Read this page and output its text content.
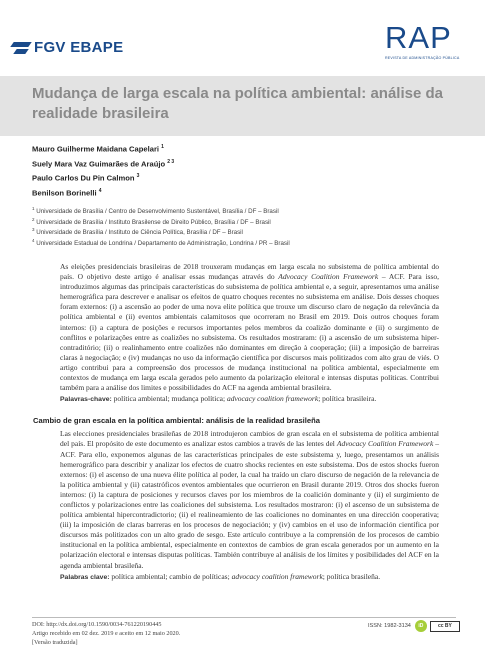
FGV EBAPE	RAP
REVISTA DE ADMINISTRAÇÃO PÚBLICA
Mudança de larga escala na política ambiental: análise da realidade brasileira
Mauro Guilherme Maidana Capelari $^1$
Suely Mara Vaz Guimarães de Araújo $^{2 3}$
Paulo Carlos Du Pin Calmon $^3$
Benilson Borinelli $^4$
$^1$ Universidade de Brasília / Centro de Desenvolvimento Sustentável, Brasília / DF – Brasil
$^2$ Universidade de Brasília / Instituto Brasilense de Direito Público, Brasília / DF – Brasil
$^3$ Universidade de Brasília / Instituto de Ciência Política, Brasília / DF – Brasil
$^4$ Universidade Estadual de Londrina / Departamento de Administração, Londrina / PR – Brasil

As eleições presidenciais brasileiras de 2018 trouxeram mudanças em larga escala no subsistema de política ambiental do país. O objetivo deste artigo é analisar essas mudanças através do Advocacy Coalition Framework – ACF. Para isso, introduzimos algumas das principais características do subsistema de política ambiental e, a seguir, apresentamos uma análise hemerográfica para descrever e analisar os efeitos de quatro choques recentes no subsistema em análise. Dois desses choques foram externos: (i) a ascensão ao poder de uma nova elite política que trouxe um discurso claro de negação da relevância da política ambiental e (ii) eventos ambientais calamitosos que ocorreram no Brasil em 2019. Dois outros choques foram internos: (i) a captura de posições e recursos importantes pelos membros da coalizão dominante e (ii) o surgimento de conflitos e polarizações entre as coalizões no subsistema. Os resultados mostraram: (i) a ascensão de um subsistema hiper-contraditório; (ii) o realinhamento entre coalizões não dominantes em direção à cooperação; (iii) a imposição de barreiras claras à negociação; e (iv) mudanças no uso da informação científica por discursos mais politizados com alto grau de viés. O artigo contribui para a compreensão dos processos de mudança institucional na política ambiental, especialmente em contextos de mudança em larga escala gerados pelo aumento da polarização eleitoral e intensas disputas políticas. Contribui também para a análise dos limites e possibilidades do ACF na agenda ambiental brasileira.

Palavras-chave: política ambiental; mudança política; advocacy coalition framework; política brasileira.

Cambio de gran escala en la política ambiental: análisis de la realidad brasileña

Las elecciones presidenciales brasileñas de 2018 introdujeron cambios de gran escala en el subsistema de política ambiental del país. El propósito de este documento es analizar estos cambios a través de las lentes del Advocacy Coalition Framework – ACF. Para ello, exponemos algunas de las características principales de este subsistema y, luego, presentamos un análisis hemerográfico para describir y analizar los efectos de cuatro shocks recientes en este subsistema. Dos de estos shocks fueron externos: (i) el ascenso de una nueva élite política al poder, la cual ha traído un claro discurso de negación de la relevancia de la política ambiental y (ii) catastróficos eventos ambientales que ocurrieron en Brasil durante 2019. Otros dos shocks fueron internos: (i) la captura de posiciones y recursos claves por los miembros de la coalición dominante y (ii) el surgimiento de conflictos y polarizaciones entre las coaliciones del subsistema. Los resultados mostraron: (i) el ascenso de un subsistema de política ambiental hipercontradictorio; (ii) el realineamiento de las coaliciones no dominantes en una dirección cooperativa; (iii) la imposición de claras barreras en los procesos de negociación; y (iv) cambios en el uso de información científica por discursos más politizados con un alto grado de sesgo. Este artículo contribuye a la comprensión de los procesos de cambio institucional en la política ambiental, especialmente en contextos de cambios de gran escala generados por un aumento en la polarización electoral e intensas disputas políticas. También contribuye al análisis de los límites y posibilidades del ACF en la agenda ambiental brasileña.

Palabras clave: política ambiental; cambio de políticas; advocacy coalition framework; política brasileña.

DOI: http://dx.doi.org/10.1590/0034-761220190445
Artigo recebido em 02 dez. 2019 e aceito em 12 maio 2020.
[Versão traduzida]
ISSN: 1982-3134	iD	cc BY
